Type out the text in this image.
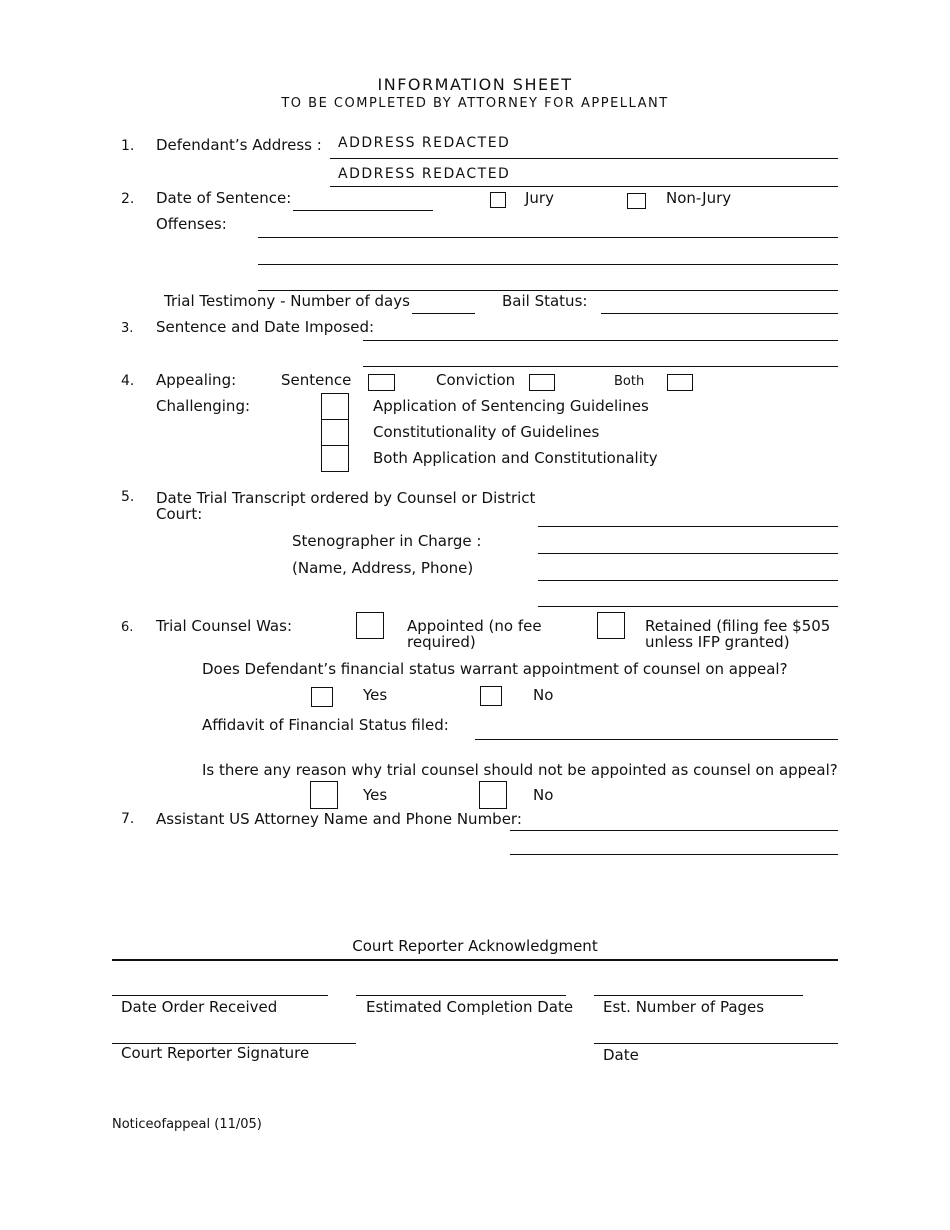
INFORMATION SHEET
TO BE COMPLETED BY ATTORNEY FOR APPELLANT
1. Defendant’s Address : ADDRESS REDACTED
ADDRESS REDACTED
2. Date of Sentence:	Jury	Non-Jury
Offenses:
Trial Testimony - Number of days	Bail Status:
3. Sentence and Date Imposed:
4. Appealing:	Sentence	Conviction	Both
Challenging:	Application of Sentencing Guidelines
Constitutionality of Guidelines
Both Application and Constitutionality
5. Date Trial Transcript ordered by Counsel or District
Court:
Stenographer in Charge :
(Name, Address, Phone)
6. Trial Counsel Was:	Appointed (no fee
required)
Retained (filing fee $505
unless IFP granted)
Does Defendant’s financial status warrant appointment of counsel on appeal?
Yes	No
Affidavit of Financial Status filed:
Is there any reason why trial counsel should not be appointed as counsel on appeal?
Yes	No
7. Assistant US Attorney Name and Phone Number:
Court Reporter Acknowledgment
Date Order Received	Estimated Completion Date Est. Number of Pages
Court Reporter Signature	Date
Noticeofappeal (11/05)
